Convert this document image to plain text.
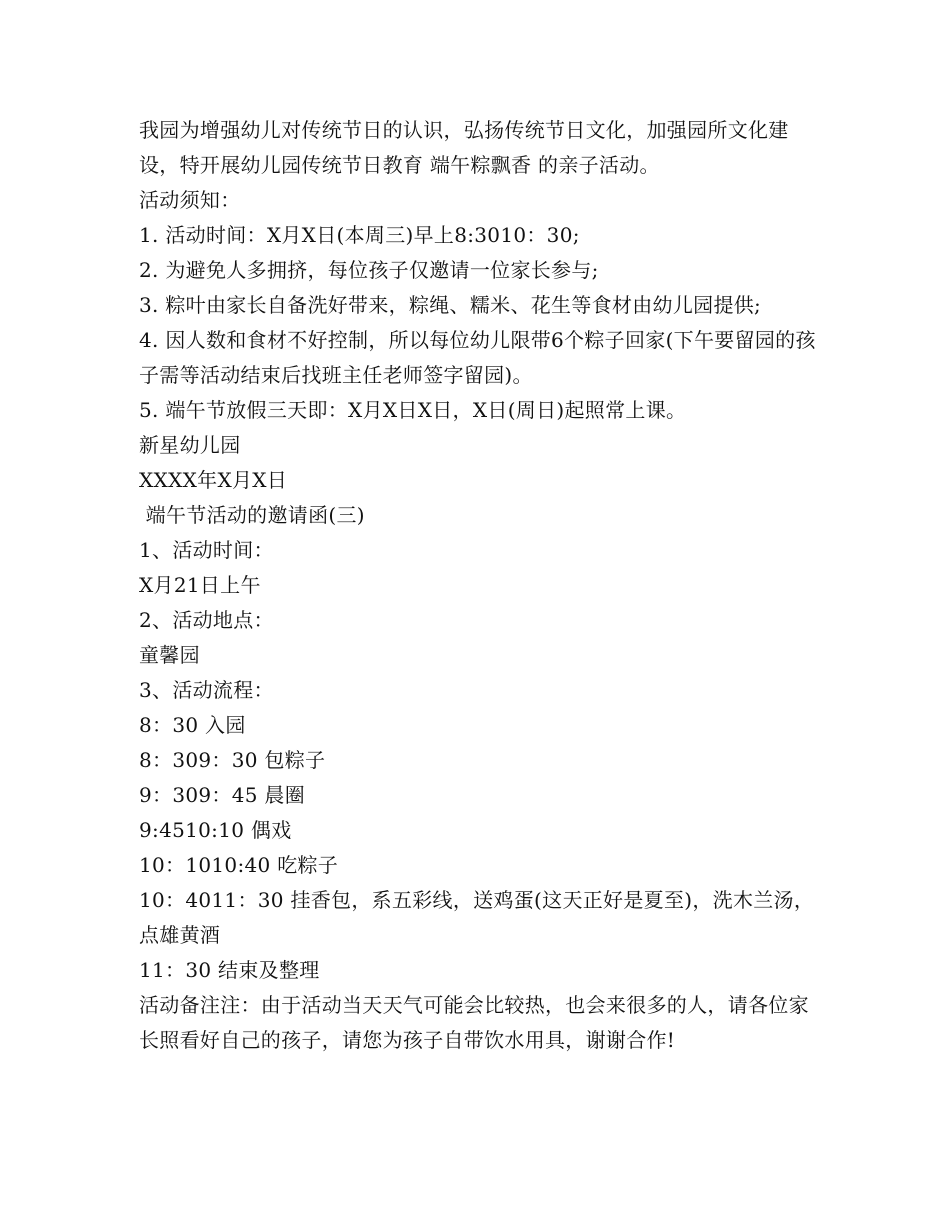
我园为增强幼儿对传统节日的认识，弘扬传统节日文化，加强园所文化建设，特开展幼儿园传统节日教育 端午粽飘香 的亲子活动。

活动须知：

1. 活动时间：X月X日(本周三)早上8:3010：30;

2. 为避免人多拥挤，每位孩子仅邀请一位家长参与;

3. 粽叶由家长自备洗好带来，粽绳、糯米、花生等食材由幼儿园提供;

4. 因人数和食材不好控制，所以每位幼儿限带6个粽子回家(下午要留园的孩子需等活动结束后找班主任老师签字留园)。

5. 端午节放假三天即：X月X日X日，X日(周日)起照常上课。

新星幼儿园

XXXX年X月X日

端午节活动的邀请函(三)

1、活动时间：

X月21日上午

2、活动地点：

童馨园

3、活动流程：

8：30 入园

8：309：30 包粽子

9：309：45 晨圈

9:4510:10 偶戏

10：1010:40 吃粽子

10：4011：30 挂香包，系五彩线，送鸡蛋(这天正好是夏至)，洗木兰汤，点雄黄酒

11：30 结束及整理

活动备注注：由于活动当天天气可能会比较热，也会来很多的人，请各位家长照看好自己的孩子，请您为孩子自带饮水用具，谢谢合作!
